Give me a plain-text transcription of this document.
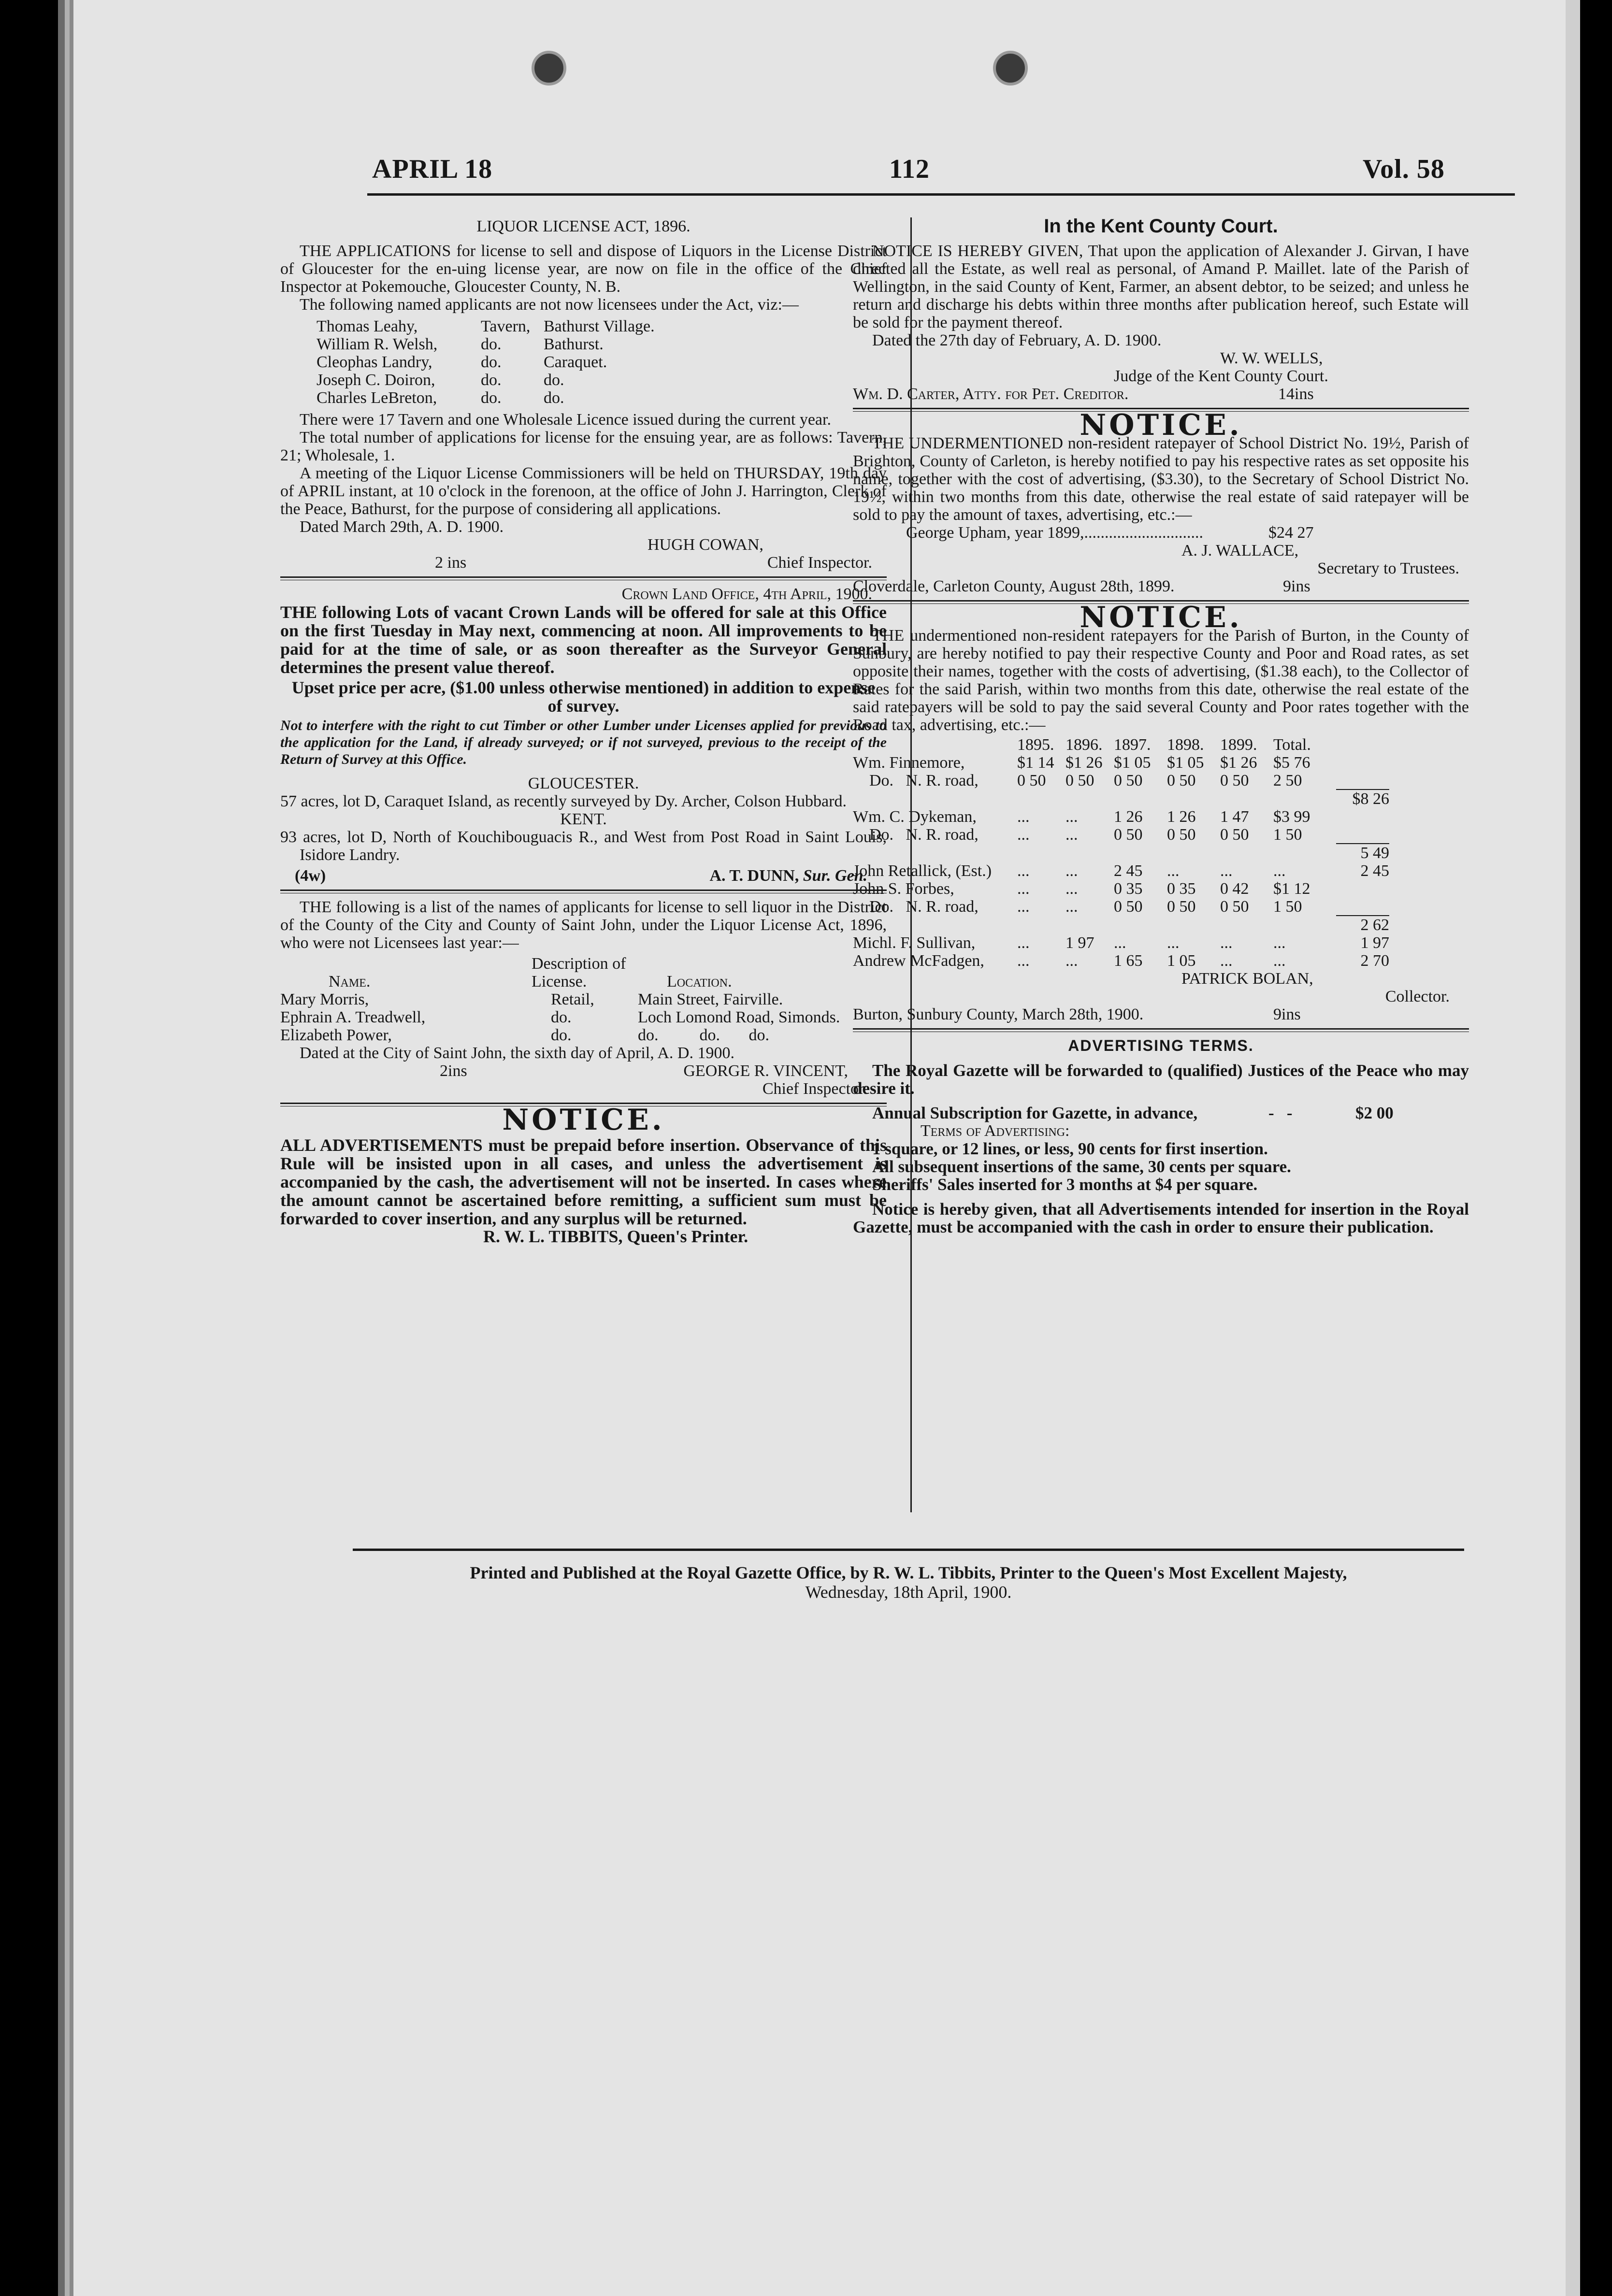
APRIL 18	112	Vol. 58

LIQUOR LICENSE ACT, 1896.

THE APPLICATIONS for license to sell and dispose of Liquors in the License District of Gloucester for the en-uing license year, are now on file in the office of the Chief Inspector at Pokemouche, Gloucester County, N. B.

The following named applicants are not now licensees under the Act, viz:—

Thomas Leahy,	Tavern,	Bathurst Village.
William R. Welsh,	do.	Bathurst.
Cleophas Landry,	do.	Caraquet.
Joseph C. Doiron,	do.	do.
Charles LeBreton,	do.	do.

There were 17 Tavern and one Wholesale Licence issued during the current year.

The total number of applications for license for the ensuing year, are as follows: Tavern, 21; Wholesale, 1.

A meeting of the Liquor License Commissioners will be held on THURSDAY, 19th day of APRIL instant, at 10 o'clock in the forenoon, at the office of John J. Harrington, Clerk of the Peace, Bathurst, for the purpose of considering all applications.

Dated March 29th, A. D. 1900.

HUGH COWAN,

2 ins	Chief Inspector.

Crown Land Office, 4th April, 1900.

THE following Lots of vacant Crown Lands will be offered for sale at this Office on the first Tuesday in May next, commencing at noon. All improvements to be paid for at the time of sale, or as soon thereafter as the Surveyor General determines the present value thereof.

Upset price per acre, ($1.00 unless otherwise mentioned) in addition to expense of survey.

Not to interfere with the right to cut Timber or other Lumber under Licenses applied for previous to the application for the Land, if already surveyed; or if not surveyed, previous to the receipt of the Return of Survey at this Office.

GLOUCESTER.

57 acres, lot D, Caraquet Island, as recently surveyed by Dy. Archer, Colson Hubbard.

KENT.

93 acres, lot D, North of Kouchibouguacis R., and West from Post Road in Saint Louis, Isidore Landry.

(4w)	A. T. DUNN, Sur. Gen.

THE following is a list of the names of applicants for license to sell liquor in the District of the County of the City and County of Saint John, under the Liquor License Act, 1896, who were not Licensees last year:—

Name.	Description of License.	Location.
Mary Morris,	Retail,	Main Street, Fairville.
Ephrain A. Treadwell,	do.	Loch Lomond Road, Simonds.
Elizabeth Power,	do.	do.          do.       do.

Dated at the City of Saint John, the sixth day of April, A. D. 1900.

2ins	GEORGE R. VINCENT,

Chief Inspector.

NOTICE.

ALL ADVERTISEMENTS must be prepaid before insertion. Observance of this Rule will be insisted upon in all cases, and unless the advertisement is accompanied by the cash, the advertisement will not be inserted. In cases where the amount cannot be ascertained before remitting, a sufficient sum must be forwarded to cover insertion, and any surplus will be returned.

R. W. L. TIBBITS, Queen's Printer.

In the Kent County Court.

NOTICE IS HEREBY GIVEN, That upon the application of Alexander J. Girvan, I have directed all the Estate, as well real as personal, of Amand P. Maillet. late of the Parish of Wellington, in the said County of Kent, Farmer, an absent debtor, to be seized; and unless he return and discharge his debts within three months after publication hereof, such Estate will be sold for the payment thereof.

Dated the 27th day of February, A. D. 1900.

W. W. WELLS,

Judge of the Kent County Court.

Wm. D. Carter, Atty. for Pet. Creditor.	14ins

NOTICE.

THE UNDERMENTIONED non-resident ratepayer of School District No. 19½, Parish of Brighton, County of Carleton, is hereby notified to pay his respective rates as set opposite his name, together with the cost of advertising, ($3.30), to the Secretary of School District No. 19½, within two months from this date, otherwise the real estate of said ratepayer will be sold to pay the amount of taxes, advertising, etc.:—

George Upham, year 1899,.............................	$24 27

A. J. WALLACE,

Secretary to Trustees.

Cloverdale, Carleton County, August 28th, 1899.	9ins

NOTICE.

THE undermentioned non-resident ratepayers for the Parish of Burton, in the County of Sunbury, are hereby notified to pay their respective County and Poor and Road rates, as set opposite their names, together with the costs of advertising, ($1.38 each), to the Collector of Rates for the said Parish, within two months from this date, otherwise the real estate of the said ratepayers will be sold to pay the said several County and Poor rates together with the Road tax, advertising, etc.:—

	1895.	1896.	1897.	1898.	1899.	Total.	
Wm. Finnemore,	$1 14	$1 26	$1 05	$1 05	$1 26	$5 76	
Do.   N. R. road,	0 50	0 50	0 50	0 50	0 50	2 50	
							$8 26
Wm. C. Dykeman,	...	...	1 26	1 26	1 47	$3 99	
Do.   N. R. road,	...	...	0 50	0 50	0 50	1 50	
							5 49
John Retallick, (Est.)	...	...	2 45	...	...	...	2 45
John S. Forbes,	...	...	0 35	0 35	0 42	$1 12	
Do.   N. R. road,	...	...	0 50	0 50	0 50	1 50	
							2 62
Michl. F. Sullivan,	...	1 97	...	...	...	...	1 97
Andrew McFadgen,	...	...	1 65	1 05	...	...	2 70

PATRICK BOLAN,

Collector.

Burton, Sunbury County, March 28th, 1900.	9ins

ADVERTISING TERMS.

The Royal Gazette will be forwarded to (qualified) Justices of the Peace who may desire it.

Annual Subscription for Gazette, in advance,	-   -	$2 00

Terms of Advertising:

1 square, or 12 lines, or less, 90 cents for first insertion.

All subsequent insertions of the same, 30 cents per square.

Sheriffs' Sales inserted for 3 months at $4 per square.

Notice is hereby given, that all Advertisements intended for insertion in the Royal Gazette, must be accompanied with the cash in order to ensure their publication.

Printed and Published at the Royal Gazette Office, by R. W. L. Tibbits, Printer to the Queen's Most Excellent Majesty,
Wednesday, 18th April, 1900.
